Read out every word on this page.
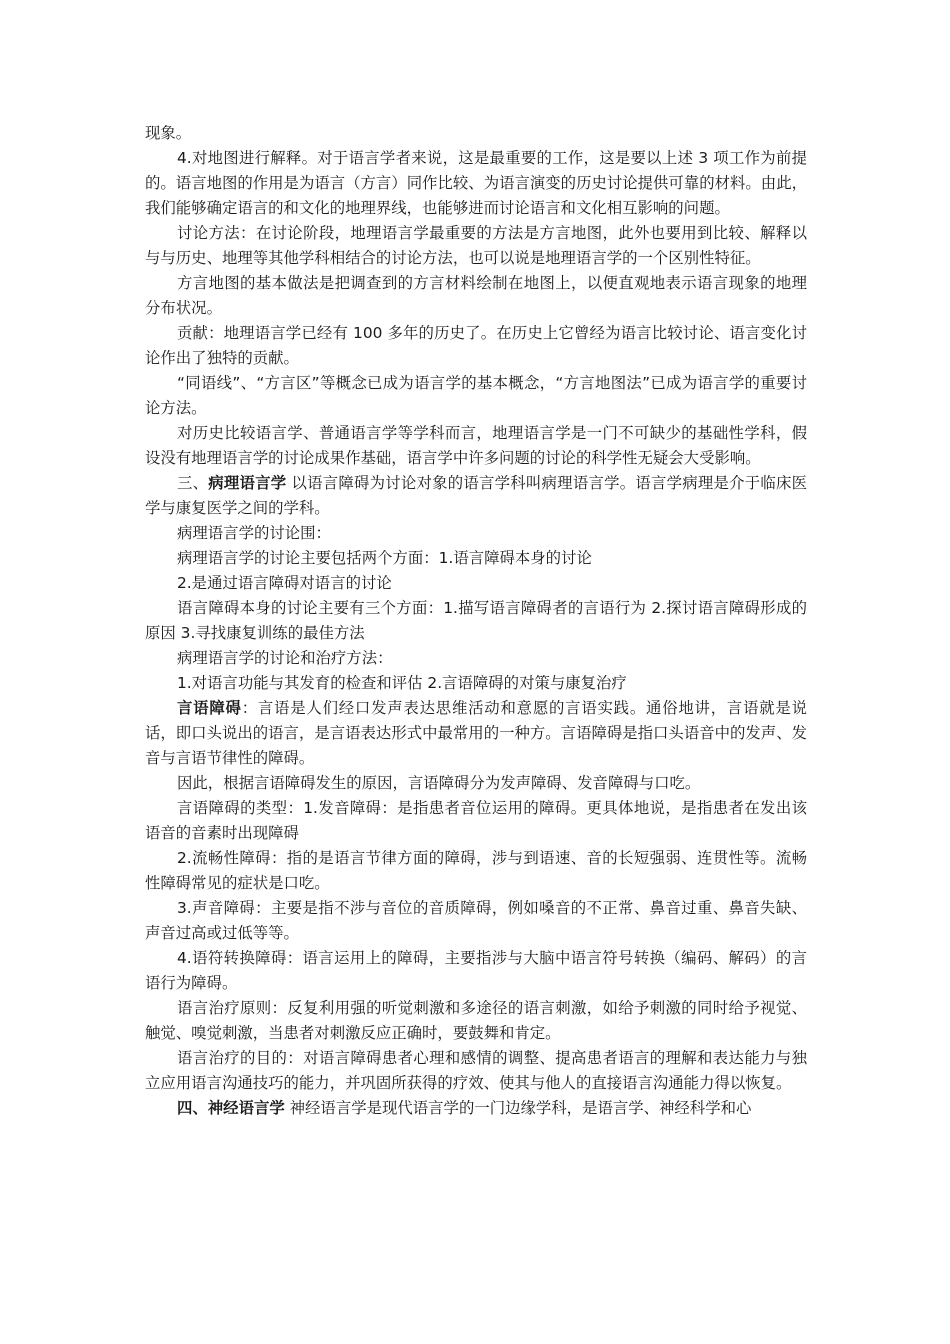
现象。

4.对地图进行解释。对于语言学者来说，这是最重要的工作，这是要以上述 3 项工作为前提的。语言地图的作用是为语言（方言）同作比较、为语言演变的历史讨论提供可靠的材料。由此，我们能够确定语言的和文化的地理界线，也能够进而讨论语言和文化相互影响的问题。

讨论方法：在讨论阶段，地理语言学最重要的方法是方言地图，此外也要用到比较、解释以与与历史、地理等其他学科相结合的讨论方法，也可以说是地理语言学的一个区别性特征。

方言地图的基本做法是把调查到的方言材料绘制在地图上，以便直观地表示语言现象的地理分布状况。

贡献：地理语言学已经有 100 多年的历史了。在历史上它曾经为语言比较讨论、语言变化讨论作出了独特的贡献。

“同语线”、“方言区”等概念已成为语言学的基本概念，“方言地图法”已成为语言学的重要讨论方法。

对历史比较语言学、普通语言学等学科而言，地理语言学是一门不可缺少的基础性学科，假设没有地理语言学的讨论成果作基础，语言学中许多问题的讨论的科学性无疑会大受影响。

三、病理语言学 以语言障碍为讨论对象的语言学科叫病理语言学。语言学病理是介于临床医学与康复医学之间的学科。

病理语言学的讨论围：

病理语言学的讨论主要包括两个方面：1.语言障碍本身的讨论

2.是通过语言障碍对语言的讨论

语言障碍本身的讨论主要有三个方面：1.描写语言障碍者的言语行为 2.探讨语言障碍形成的原因 3.寻找康复训练的最佳方法

病理语言学的讨论和治疗方法：

1.对语言功能与其发育的检查和评估 2.言语障碍的对策与康复治疗

言语障碍：言语是人们经口发声表达思维活动和意愿的言语实践。通俗地讲，言语就是说话，即口头说出的语言，是言语表达形式中最常用的一种方。言语障碍是指口头语音中的发声、发音与言语节律性的障碍。

因此，根据言语障碍发生的原因，言语障碍分为发声障碍、发音障碍与口吃。

言语障碍的类型：1.发音障碍：是指患者音位运用的障碍。更具体地说，是指患者在发出该语音的音素时出现障碍

2.流畅性障碍：指的是语言节律方面的障碍，涉与到语速、音的长短强弱、连贯性等。流畅性障碍常见的症状是口吃。

3.声音障碍：主要是指不涉与音位的音质障碍，例如嗓音的不正常、鼻音过重、鼻音失缺、声音过高或过低等等。

4.语符转换障碍：语言运用上的障碍，主要指涉与大脑中语言符号转换（编码、解码）的言语行为障碍。

语言治疗原则：反复利用强的听觉刺激和多途径的语言刺激，如给予刺激的同时给予视觉、触觉、嗅觉刺激，当患者对刺激反应正确时，要鼓舞和肯定。

语言治疗的目的：对语言障碍患者心理和感情的调整、提高患者语言的理解和表达能力与独立应用语言沟通技巧的能力，并巩固所获得的疗效、使其与他人的直接语言沟通能力得以恢复。

四、神经语言学 神经语言学是现代语言学的一门边缘学科，是语言学、神经科学和心
